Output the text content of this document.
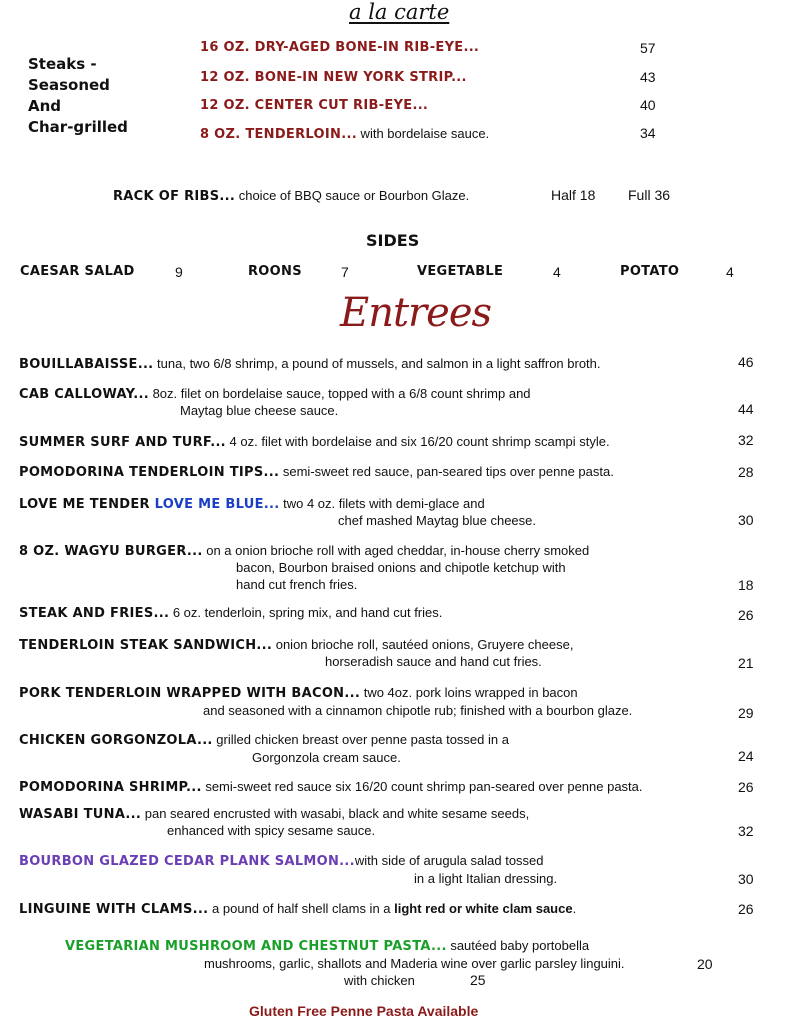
a la carte
Steaks -
Seasoned
And
Char-grilled
16 OZ. DRY-AGED BONE-IN RIB-EYE...	57
12 OZ. BONE-IN NEW YORK STRIP...	43
12 OZ. CENTER CUT RIB-EYE...	40
8 OZ. TENDERLOIN... with bordelaise sauce.	34
RACK OF RIBS... choice of BBQ sauce or Bourbon Glaze.	Half 18 Full 36
SIDES
CAESAR SALAD	9	ROONS	7	VEGETABLE	4	POTATO	4
Entrees
BOUILLABAISSE... tuna, two 6/8 shrimp, a pound of mussels, and salmon in a light saffron broth.	46
CAB CALLOWAY... 8oz. filet on bordelaise sauce, topped with a 6/8 count shrimp and
Maytag blue cheese sauce.	44
SUMMER SURF AND TURF... 4 oz. filet with bordelaise and six 16/20 count shrimp scampi style.	32
POMODORINA TENDERLOIN TIPS... semi-sweet red sauce, pan-seared tips over penne pasta.	28
LOVE ME TENDER LOVE ME BLUE... two 4 oz. filets with demi-glace and
chef mashed Maytag blue cheese.	30
8 OZ. WAGYU BURGER... on a onion brioche roll with aged cheddar, in-house cherry smoked
bacon, Bourbon braised onions and chipotle ketchup with
hand cut french fries.	18
STEAK AND FRIES... 6 oz. tenderloin, spring mix, and hand cut fries.	26
TENDERLOIN STEAK SANDWICH... onion brioche roll, sautéed onions, Gruyere cheese,
horseradish sauce and hand cut fries.	21
PORK TENDERLOIN WRAPPED WITH BACON... two 4oz. pork loins wrapped in bacon
and seasoned with a cinnamon chipotle rub; finished with a bourbon glaze.	29
CHICKEN GORGONZOLA... grilled chicken breast over penne pasta tossed in a
Gorgonzola cream sauce.	24
POMODORINA SHRIMP... semi-sweet red sauce six 16/20 count shrimp pan-seared over penne pasta.	26
WASABI TUNA... pan seared encrusted with wasabi, black and white sesame seeds,
enhanced with spicy sesame sauce.	32
BOURBON GLAZED CEDAR PLANK SALMON...with side of arugula salad tossed
in a light Italian dressing.	30
LINGUINE WITH CLAMS... a pound of half shell clams in a light red or white clam sauce.	26
VEGETARIAN MUSHROOM AND CHESTNUT PASTA... sautéed baby portobella
mushrooms, garlic, shallots and Maderia wine over garlic parsley linguini.	20
with chicken	25
Gluten Free Penne Pasta Available
